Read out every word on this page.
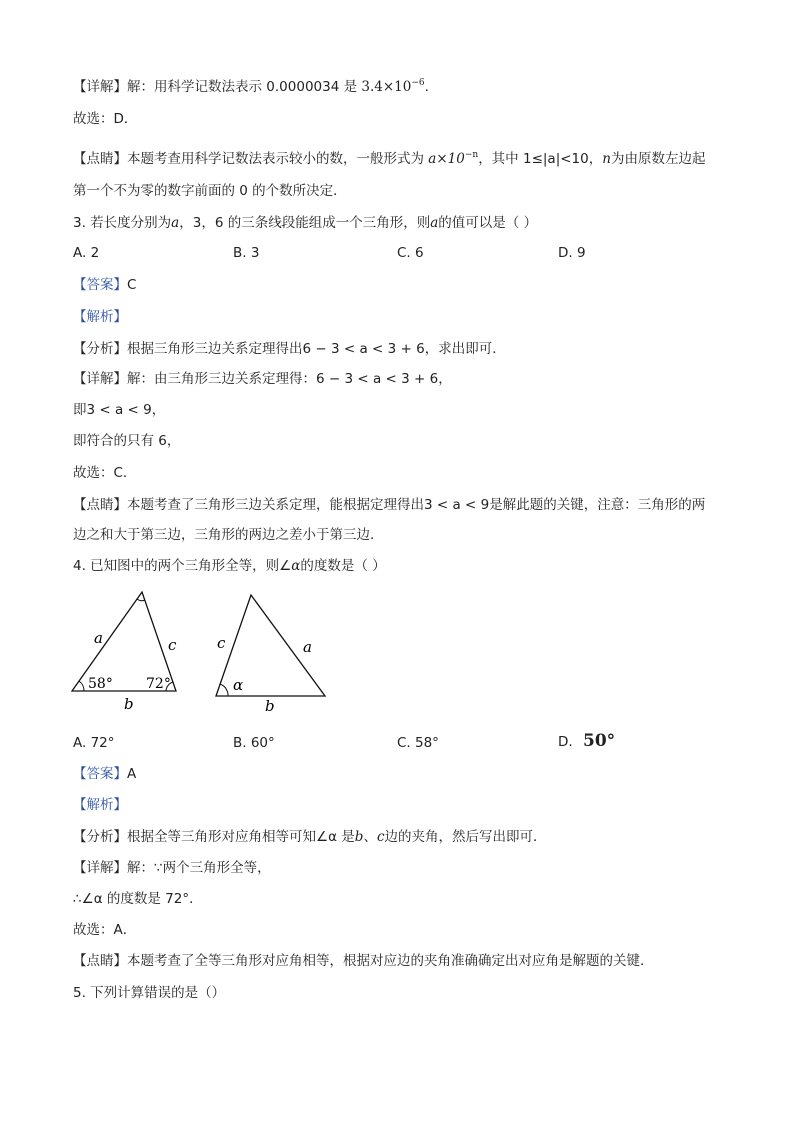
【详解】解：用科学记数法表示 0.0000034 是 $3.4\times 10^{-6}$.
故选：D．
【点睛】本题考查用科学记数法表示较小的数，一般形式为 $a\times 10^{-n}$，其中 1≤|a|<10，n为由原数左边起
第一个不为零的数字前面的 0 的个数所决定．
3. 若长度分别为a，3，6 的三条线段能组成一个三角形，则a的值可以是（ ）
A. 2	B. 3	C. 6	D. 9
【答案】C
【解析】
【分析】根据三角形三边关系定理得出6 − 3 < a < 3 + 6，求出即可．
【详解】解：由三角形三边关系定理得：6 − 3 < a < 3 + 6，
即3 < a < 9，
即符合的只有 6，
故选：C．
【点睛】本题考查了三角形三边关系定理，能根据定理得出3 < a < 9是解此题的关键，注意：三角形的两
边之和大于第三边，三角形的两边之差小于第三边．
4. 已知图中的两个三角形全等，则∠α的度数是（ ）
a	c
b
58° 72°
c	a
b
α
A. 72°	B. 60°	C. 58°	D. 50°
【答案】A
【解析】
【分析】根据全等三角形对应角相等可知∠α 是b、c边的夹角，然后写出即可．
【详解】解：∵两个三角形全等，
∴∠α 的度数是 72°．
故选：A．
【点睛】本题考查了全等三角形对应角相等，根据对应边的夹角准确确定出对应角是解题的关键．
5. 下列计算错误的是（）
